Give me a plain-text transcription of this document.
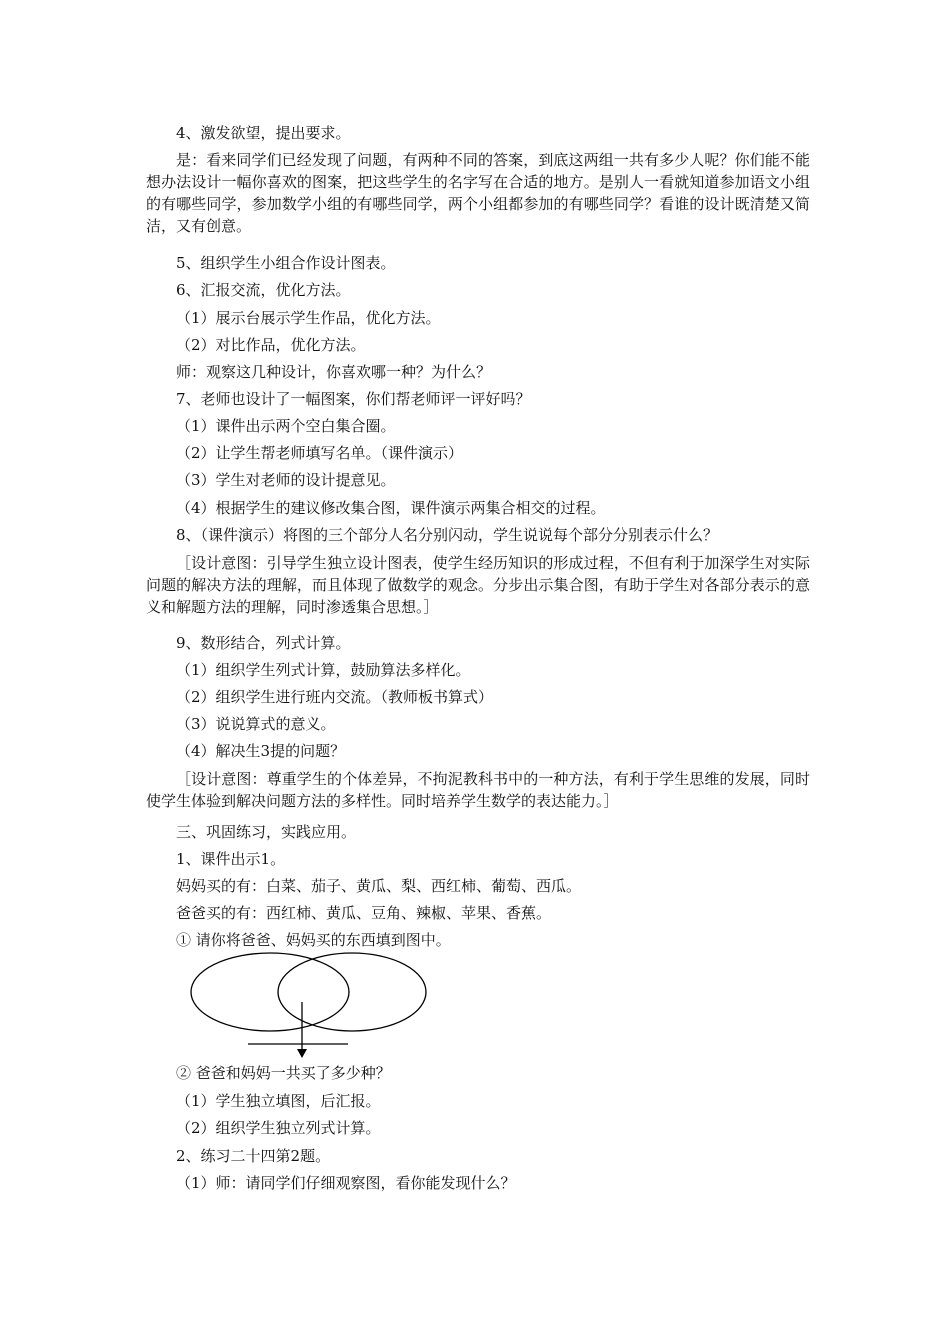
4、激发欲望，提出要求。
是：看来同学们已经发现了问题，有两种不同的答案，到底这两组一共有多少人呢？你们能不能想办法设计一幅你喜欢的图案，把这些学生的名字写在合适的地方。是别人一看就知道参加语文小组的有哪些同学，参加数学小组的有哪些同学，两个小组都参加的有哪些同学？看谁的设计既清楚又简洁，又有创意。
5、组织学生小组合作设计图表。
6、汇报交流，优化方法。
（1）展示台展示学生作品，优化方法。
（2）对比作品，优化方法。
师：观察这几种设计，你喜欢哪一种？为什么？
7、老师也设计了一幅图案，你们帮老师评一评好吗？
（1）课件出示两个空白集合圈。
（2）让学生帮老师填写名单。（课件演示）
（3）学生对老师的设计提意见。
（4）根据学生的建议修改集合图，课件演示两集合相交的过程。
8、（课件演示）将图的三个部分人名分别闪动，学生说说每个部分分别表示什么？
［设计意图：引导学生独立设计图表，使学生经历知识的形成过程，不但有利于加深学生对实际问题的解决方法的理解，而且体现了做数学的观念。分步出示集合图，有助于学生对各部分表示的意义和解题方法的理解，同时渗透集合思想。］
9、数形结合，列式计算。
（1）组织学生列式计算，鼓励算法多样化。
（2）组织学生进行班内交流。（教师板书算式）
（3）说说算式的意义。
（4）解决生3提的问题？
［设计意图：尊重学生的个体差异，不拘泥教科书中的一种方法，有利于学生思维的发展，同时使学生体验到解决问题方法的多样性。同时培养学生数学的表达能力。］
三、巩固练习，实践应用。
1、课件出示1。
妈妈买的有：白菜、茄子、黄瓜、梨、西红柿、葡萄、西瓜。
爸爸买的有：西红柿、黄瓜、豆角、辣椒、苹果、香蕉。
① 请你将爸爸、妈妈买的东西填到图中。
② 爸爸和妈妈一共买了多少种？
（1）学生独立填图，后汇报。
（2）组织学生独立列式计算。
2、练习二十四第2题。
（1）师：请同学们仔细观察图，看你能发现什么？
